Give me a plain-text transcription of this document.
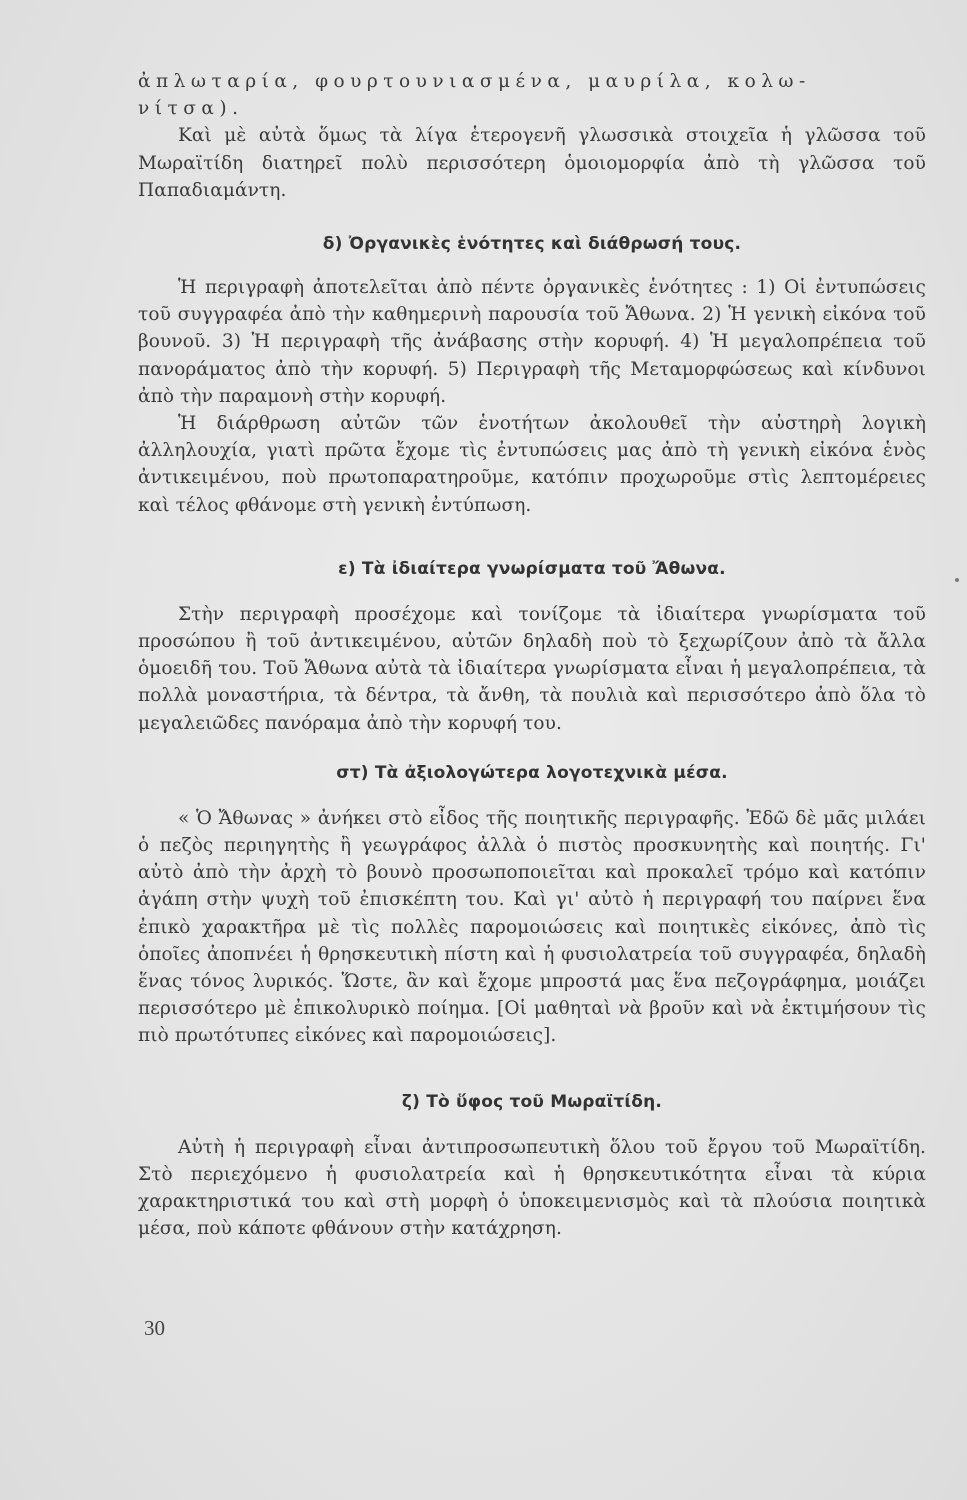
ἀπλωταρία, φουρτουνιασμένα, μαυρίλα, κολω-

νίτσα).

Καὶ μὲ αὐτὰ ὅμως τὰ λίγα ἑτερογενῆ γλωσσικὰ στοιχεῖα ἡ γλῶσσα τοῦ Μωραϊτίδη διατηρεῖ πολὺ περισσότερη ὁμοιομορφία ἀπὸ τὴ γλῶσσα τοῦ Παπαδιαμάντη.

δ) Ὀργανικὲς ἑνότητες καὶ διάθρωσή τους.

Ἡ περιγραφὴ ἀποτελεῖται ἀπὸ πέντε ὀργανικὲς ἑνότητες : 1) Οἱ ἐντυπώσεις τοῦ συγγραφέα ἀπὸ τὴν καθημερινὴ παρουσία τοῦ Ἄθωνα. 2) Ἡ γενικὴ εἰκόνα τοῦ βουνοῦ. 3) Ἡ περιγραφὴ τῆς ἀνάβασης στὴν κορυφή. 4) Ἡ μεγαλοπρέπεια τοῦ πανοράματος ἀπὸ τὴν κορυφή. 5) Περιγραφὴ τῆς Μεταμορφώσεως καὶ κίνδυνοι ἀπὸ τὴν παραμονὴ στὴν κορυφή.

Ἡ διάρθρωση αὐτῶν τῶν ἑνοτήτων ἀκολουθεῖ τὴν αὐστηρὴ λογικὴ ἀλληλουχία, γιατὶ πρῶτα ἔχομε τὶς ἐντυπώσεις μας ἀπὸ τὴ γενικὴ εἰκόνα ἑνὸς ἀντικειμένου, ποὺ πρωτοπαρατηροῦμε, κατόπιν προχωροῦμε στὶς λεπτομέρειες καὶ τέλος φθάνομε στὴ γενικὴ ἐντύπωση.

ε) Τὰ ἰδιαίτερα γνωρίσματα τοῦ Ἄθωνα.

Στὴν περιγραφὴ προσέχομε καὶ τονίζομε τὰ ἰδιαίτερα γνωρίσματα τοῦ προσώπου ἢ τοῦ ἀντικειμένου, αὐτῶν δηλαδὴ ποὺ τὸ ξεχωρίζουν ἀπὸ τὰ ἄλλα ὁμοειδῆ του. Τοῦ Ἄθωνα αὐτὰ τὰ ἰδιαίτερα γνωρίσματα εἶναι ἡ μεγαλοπρέπεια, τὰ πολλὰ μοναστήρια, τὰ δέντρα, τὰ ἄνθη, τὰ πουλιὰ καὶ περισσότερο ἀπὸ ὅλα τὸ μεγαλειῶδες πανόραμα ἀπὸ τὴν κορυφή του.

στ) Τὰ ἀξιολογώτερα λογοτεχνικὰ μέσα.

« Ὁ Ἄθωνας » ἀνήκει στὸ εἶδος τῆς ποιητικῆς περιγραφῆς. Ἐδῶ δὲ μᾶς μιλάει ὁ πεζὸς περιηγητὴς ἢ γεωγράφος ἀλλὰ ὁ πιστὸς προσκυνητὴς καὶ ποιητής. Γι' αὐτὸ ἀπὸ τὴν ἀρχὴ τὸ βουνὸ προσωποποιεῖται καὶ προκαλεῖ τρόμο καὶ κατόπιν ἀγάπη στὴν ψυχὴ τοῦ ἐπισκέπτη του. Καὶ γι' αὐτὸ ἡ περιγραφή του παίρνει ἕνα ἐπικὸ χαρακτῆρα μὲ τὶς πολλὲς παρομοιώσεις καὶ ποιητικὲς εἰκόνες, ἀπὸ τὶς ὁποῖες ἀποπνέει ἡ θρησκευτικὴ πίστη καὶ ἡ φυσιολατρεία τοῦ συγγραφέα, δηλαδὴ ἕνας τόνος λυρικός. Ὥστε, ἂν καὶ ἔχομε μπροστά μας ἕνα πεζογράφημα, μοιάζει περισσότερο μὲ ἐπικολυρικὸ ποίημα. [Οἱ μαθηταὶ νὰ βροῦν καὶ νὰ ἐκτιμήσουν τὶς πιὸ πρωτότυπες εἰκόνες καὶ παρομοιώσεις].

ζ) Τὸ ὕφος τοῦ Μωραϊτίδη.

Αὐτὴ ἡ περιγραφὴ εἶναι ἀντιπροσωπευτικὴ ὅλου τοῦ ἔργου τοῦ Μωραϊτίδη. Στὸ περιεχόμενο ἡ φυσιολατρεία καὶ ἡ θρησκευτικότητα εἶναι τὰ κύρια χαρακτηριστικά του καὶ στὴ μορφὴ ὁ ὑποκειμενισμὸς καὶ τὰ πλούσια ποιητικὰ μέσα, ποὺ κάποτε φθάνουν στὴν κατάχρηση.

30
